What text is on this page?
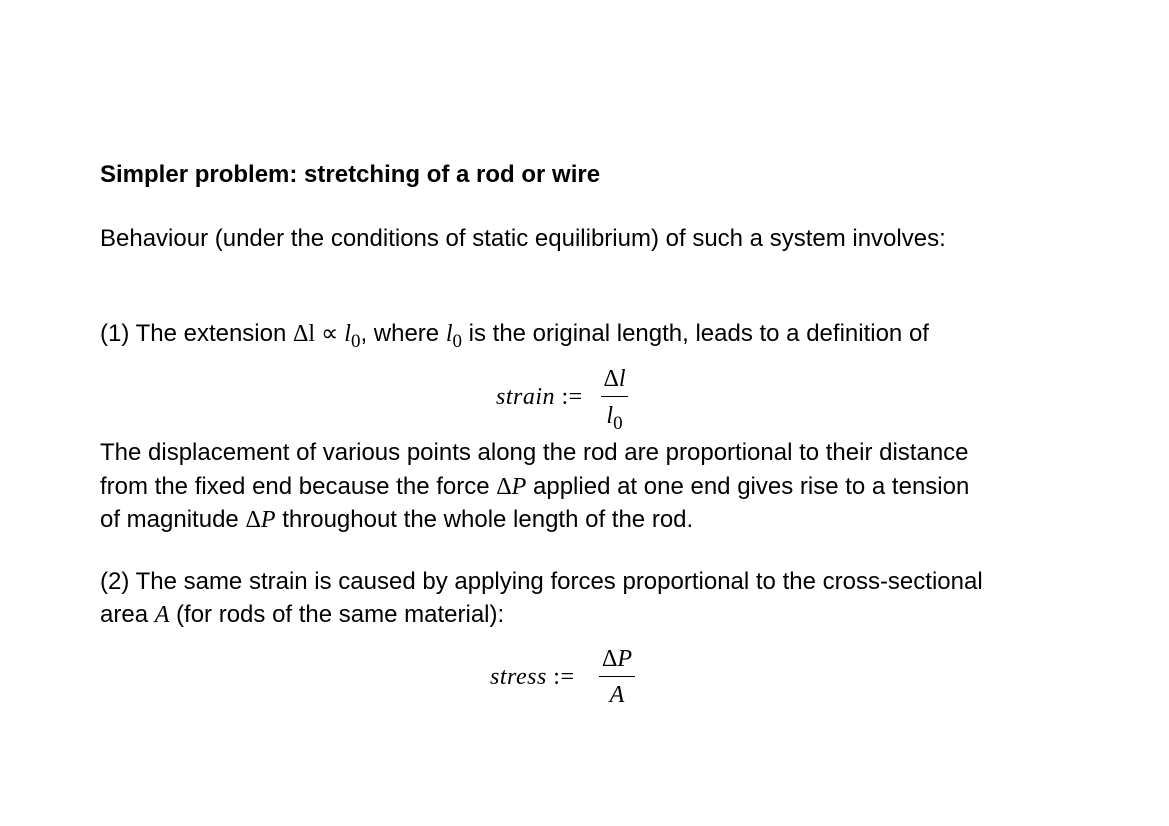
Simpler problem: stretching of a rod or wire
Behaviour (under the conditions of static equilibrium) of such a system involves:
(1) The extension $\Delta l \propto l_0$, where $l_0$ is the original length, leads to a definition of
strain :=
Δl
$l_0$
The displacement of various points along the rod are proportional to their distance
from the fixed end because the force ΔP applied at one end gives rise to a tension
of magnitude ΔP throughout the whole length of the rod.
(2) The same strain is caused by applying forces proportional to the cross-sectional
area A (for rods of the same material):
stress :=
ΔP
A
